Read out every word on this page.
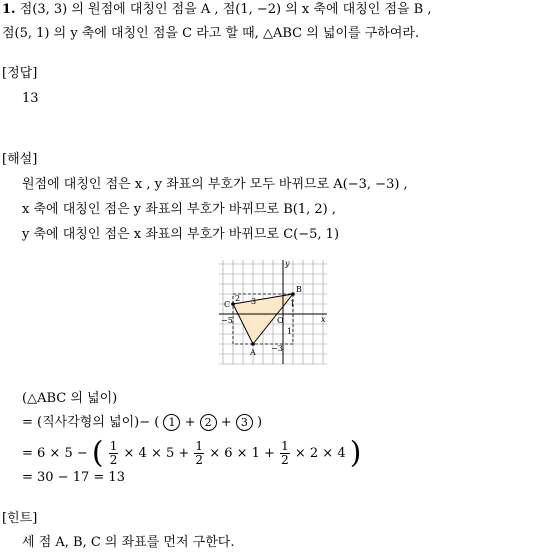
1. 점(3, 3) 의 원점에 대칭인 점을 A , 점(1, −2) 의 x 축에 대칭인 점을 B ,
점(5, 1) 의 y 축에 대칭인 점을 C 라고 할 때, △ABC 의 넓이를 구하여라.
[정답]
13
[해설]
원점에 대칭인 점은 x , y 좌표의 부호가 모두 바뀌므로 A(−3, −3) ,
x 축에 대칭인 점은 y 좌표의 부호가 바뀌므로 B(1, 2) ,
y 축에 대칭인 점은 x 좌표의 부호가 바뀌므로 C(−5, 1)
y
x
O
C
B
A
−5
−3
1
3
1
2
(△ABC 의 넓이)
= (직사각형의 넓이)− ( 1 + 2 + 3 )
= 6 × 5 − ( $\frac{1}{2} \times 4 \times 5 + \frac{1}{2} \times 6 \times 1 + \frac{1}{2} \times 2 \times 4$ )
= 30 − 17 = 13
[힌트]
세 점 A, B, C 의 좌표를 먼저 구한다.
